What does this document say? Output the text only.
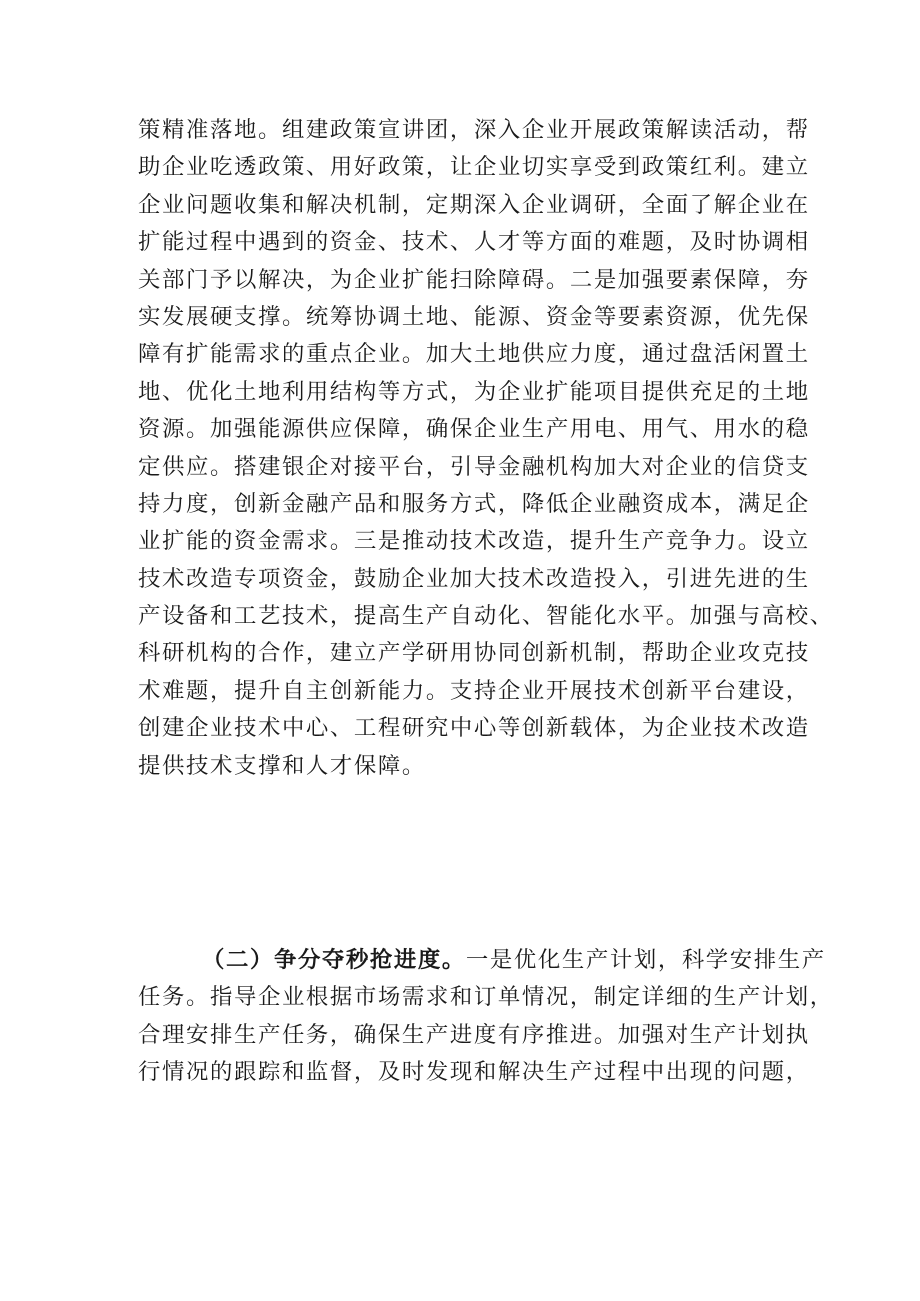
策精准落地。组建政策宣讲团，深入企业开展政策解读活动，帮
助企业吃透政策、用好政策，让企业切实享受到政策红利。建立
企业问题收集和解决机制，定期深入企业调研，全面了解企业在
扩能过程中遇到的资金、技术、人才等方面的难题，及时协调相
关部门予以解决，为企业扩能扫除障碍。二是加强要素保障，夯
实发展硬支撑。统筹协调土地、能源、资金等要素资源，优先保
障有扩能需求的重点企业。加大土地供应力度，通过盘活闲置土
地、优化土地利用结构等方式，为企业扩能项目提供充足的土地
资源。加强能源供应保障，确保企业生产用电、用气、用水的稳
定供应。搭建银企对接平台，引导金融机构加大对企业的信贷支
持力度，创新金融产品和服务方式，降低企业融资成本，满足企
业扩能的资金需求。三是推动技术改造，提升生产竞争力。设立
技术改造专项资金，鼓励企业加大技术改造投入，引进先进的生
产设备和工艺技术，提高生产自动化、智能化水平。加强与高校、
科研机构的合作，建立产学研用协同创新机制，帮助企业攻克技
术难题，提升自主创新能力。支持企业开展技术创新平台建设，
创建企业技术中心、工程研究中心等创新载体，为企业技术改造
提供技术支撑和人才保障。
（二）争分夺秒抢进度。一是优化生产计划，科学安排生产
任务。指导企业根据市场需求和订单情况，制定详细的生产计划，
合理安排生产任务，确保生产进度有序推进。加强对生产计划执
行情况的跟踪和监督，及时发现和解决生产过程中出现的问题，
